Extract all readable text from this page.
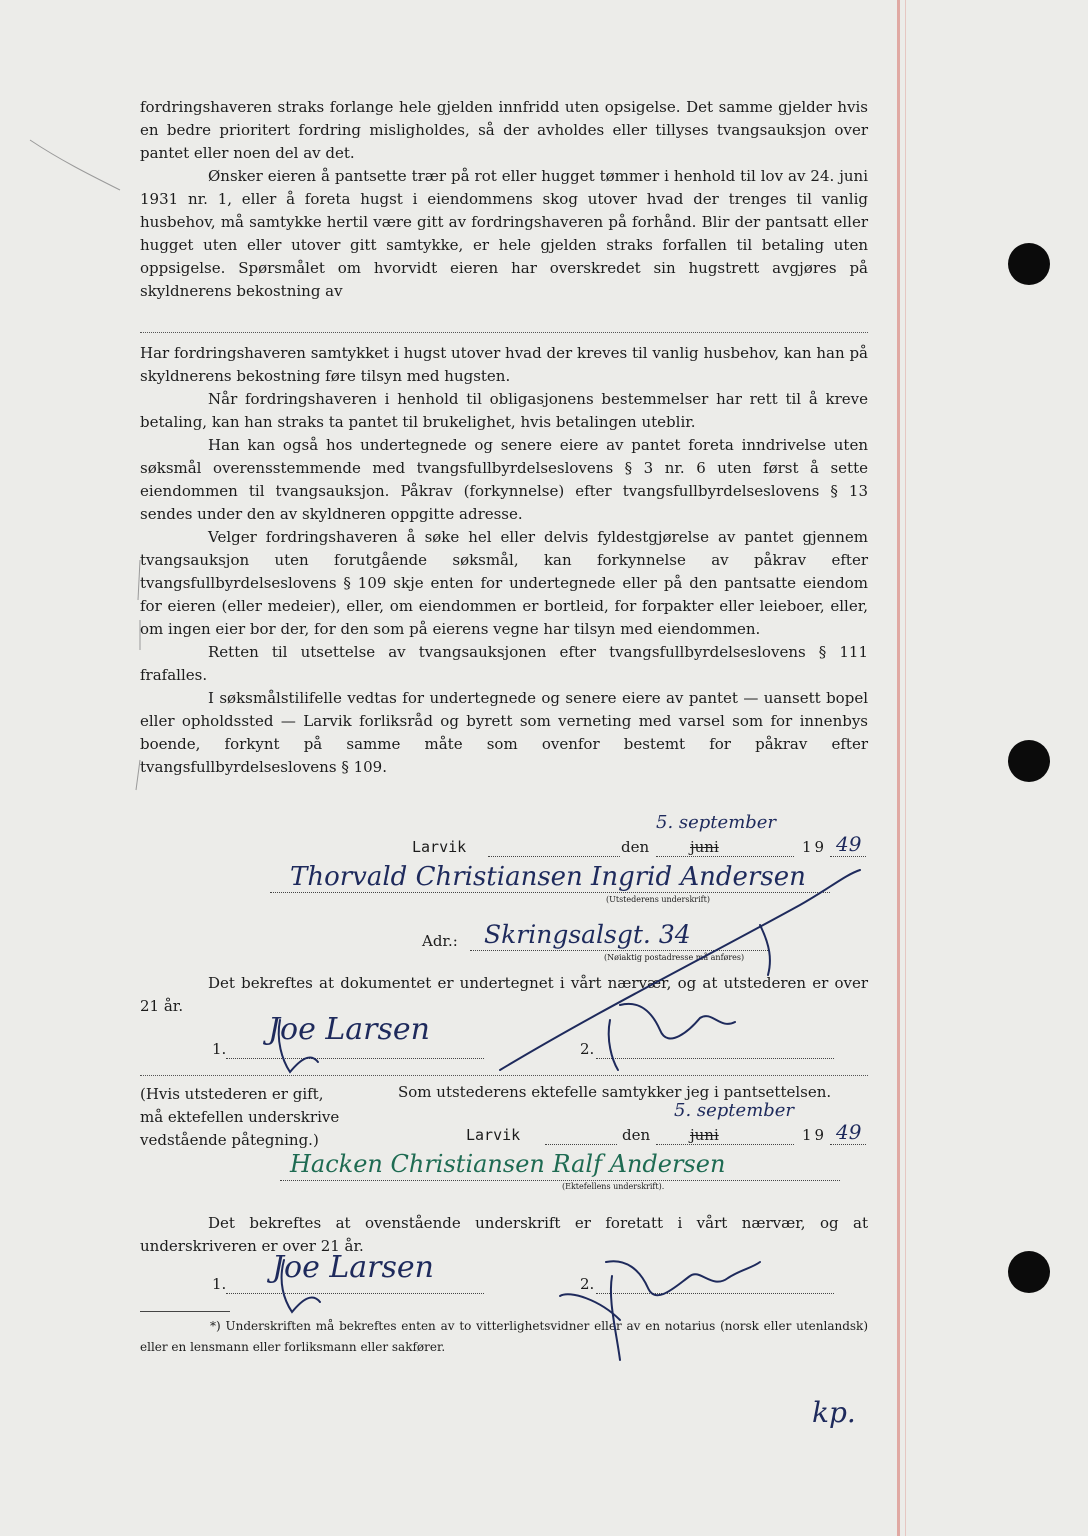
fordringshaveren straks forlange hele gjelden innfridd uten opsigelse. Det samme gjelder hvis en bedre prioritert fordring misligholdes, så der avholdes eller tillyses tvangsauksjon over pantet eller noen del av det.

Ønsker eieren å pantsette trær på rot eller hugget tømmer i henhold til lov av 24. juni 1931 nr. 1, eller å foreta hugst i eiendommens skog utover hvad der trenges til vanlig husbehov, må samtykke hertil være gitt av fordringshaveren på forhånd. Blir der pantsatt eller hugget uten eller utover gitt samtykke, er hele gjelden straks forfallen til betaling uten oppsigelse. Spørsmålet om hvorvidt eieren har overskredet sin hugstrett avgjøres på skyldnerens bekostning av

Har fordringshaveren samtykket i hugst utover hvad der kreves til vanlig husbehov, kan han på skyldnerens bekostning føre tilsyn med hugsten.

Når fordringshaveren i henhold til obligasjonens bestemmelser har rett til å kreve betaling, kan han straks ta pantet til brukelighet, hvis betalingen uteblir.

Han kan også hos undertegnede og senere eiere av pantet foreta inndrivelse uten søksmål overensstemmende med tvangsfullbyrdelseslovens § 3 nr. 6 uten først å sette eiendommen til tvangsauksjon. Påkrav (forkynnelse) efter tvangsfullbyrdelseslovens § 13 sendes under den av skyldneren oppgitte adresse.

Velger fordringshaveren å søke hel eller delvis fyldestgjørelse av pantet gjennem tvangsauksjon uten forutgående søksmål, kan forkynnelse av påkrav efter tvangsfullbyrdelseslovens § 109 skje enten for undertegnede eller på den pantsatte eiendom for eieren (eller medeier), eller, om eiendommen er bortleid, for forpakter eller leieboer, eller, om ingen eier bor der, for den som på eierens vegne har tilsyn med eiendommen.

Retten til utsettelse av tvangsauksjonen efter tvangsfullbyrdelseslovens § 111 frafalles.

I søksmålstilifelle vedtas for undertegnede og senere eiere av pantet — uansett bopel eller opholdssted — Larvik forliksråd og byrett som verneting med varsel som for innenbys boende, forkynt på samme måte som ovenfor bestemt for påkrav efter tvangsfullbyrdelseslovens § 109.

Larvik	den	juni
5. september
19 49
Thorvald Christiansen Ingrid Andersen
(Utstederens underskrift)
Adr.: Skringsalsgt. 34
(Nøiaktig postadresse må anføres)

Det bekreftes at dokumentet er undertegnet i vårt nærvær, og at utstederen er over 21 år.

1.
Joe Larsen
2.
(Hvis utstederen er gift,
må ektefellen underskrive
vedstående påtegning.)
Som utstederens ektefelle samtykker jeg i pantsettelsen.
Larvik	den	juni
5. september
19 49
Hacken Christiansen Ralf Andersen
(Ektefellens underskrift).

Det bekreftes at ovenstående underskrift er foretatt i vårt nærvær, og at underskriveren er over 21 år.

1. Joe Larsen	2.
*) Underskriften må bekreftes enten av to vitterlighetsvidner eller av en notarius (norsk eller utenlandsk) eller en lensmann eller forliksmann eller sakfører.
kp.
